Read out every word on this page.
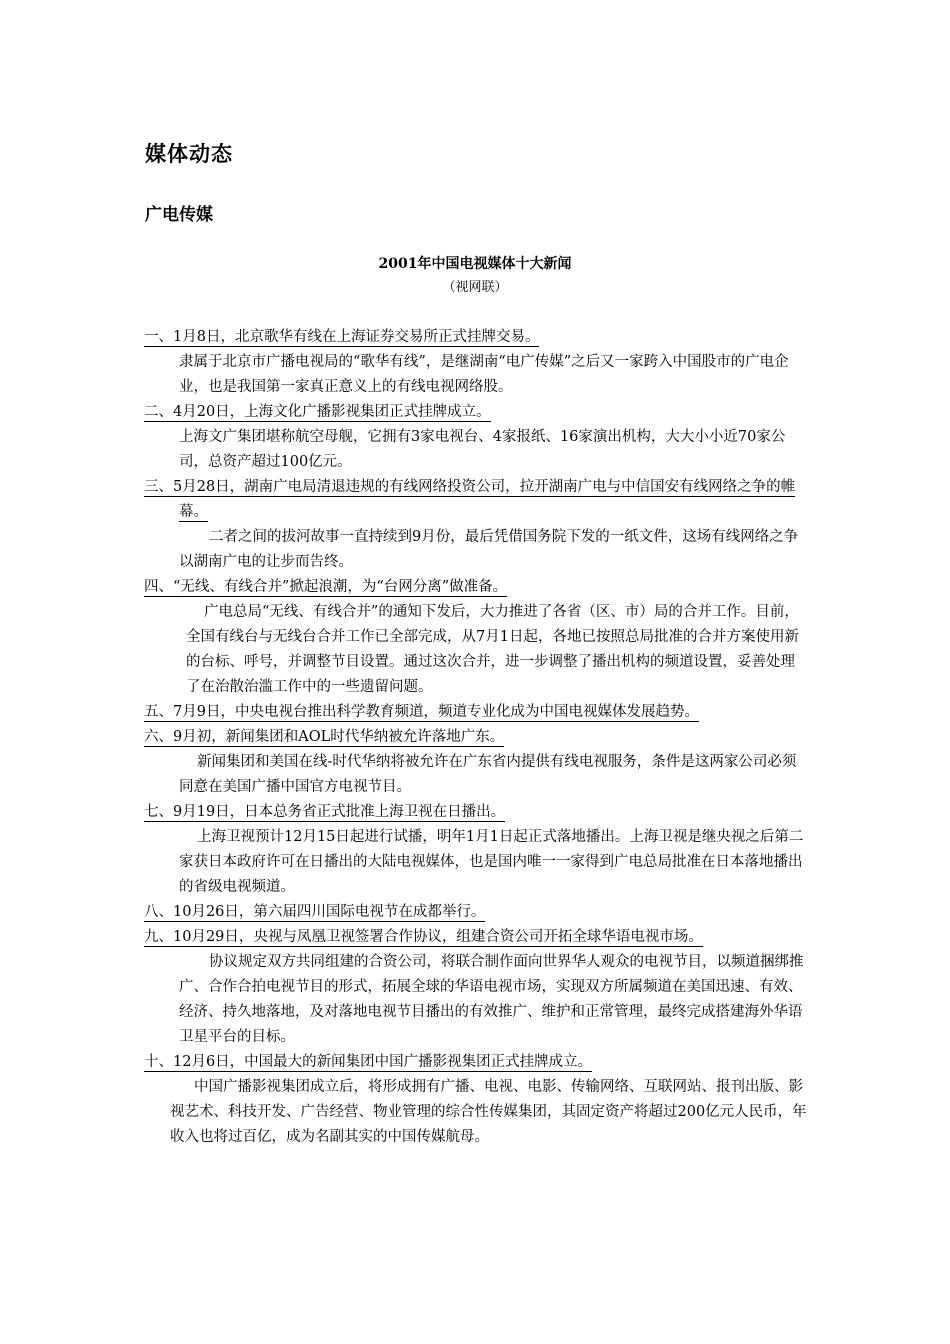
媒体动态
广电传媒
2001年中国电视媒体十大新闻
（视网联）

一、1月8日，北京歌华有线在上海证券交易所正式挂牌交易。

隶属于北京市广播电视局的“歌华有线”，是继湖南“电广传媒”之后又一家跨入中国股市的广电企业，也是我国第一家真正意义上的有线电视网络股。

二、4月20日，上海文化广播影视集团正式挂牌成立。

上海文广集团堪称航空母舰，它拥有3家电视台、4家报纸、16家演出机构，大大小小近70家公司，总资产超过100亿元。

三、5月28日，湖南广电局清退违规的有线网络投资公司，拉开湖南广电与中信国安有线网络之争的帷幕。

二者之间的拔河故事一直持续到9月份，最后凭借国务院下发的一纸文件，这场有线网络之争以湖南广电的让步而告终。

四、“无线、有线合并”掀起浪潮，为“台网分离”做准备。

广电总局“无线、有线合并”的通知下发后，大力推进了各省（区、市）局的合并工作。目前，全国有线台与无线台合并工作已全部完成，从7月1日起，各地已按照总局批准的合并方案使用新的台标、呼号，并调整节目设置。通过这次合并，进一步调整了播出机构的频道设置，妥善处理了在治散治滥工作中的一些遗留问题。

五、7月9日，中央电视台推出科学教育频道，频道专业化成为中国电视媒体发展趋势。

六、9月初，新闻集团和AOL时代华纳被允许落地广东。

新闻集团和美国在线-时代华纳将被允许在广东省内提供有线电视服务，条件是这两家公司必须同意在美国广播中国官方电视节目。

七、9月19日，日本总务省正式批准上海卫视在日播出。

上海卫视预计12月15日起进行试播，明年1月1日起正式落地播出。上海卫视是继央视之后第二家获日本政府许可在日播出的大陆电视媒体，也是国内唯一一家得到广电总局批准在日本落地播出的省级电视频道。

八、10月26日，第六届四川国际电视节在成都举行。

九、10月29日，央视与凤凰卫视签署合作协议，组建合资公司开拓全球华语电视市场。

协议规定双方共同组建的合资公司，将联合制作面向世界华人观众的电视节目，以频道捆绑推广、合作合拍电视节目的形式，拓展全球的华语电视市场，实现双方所属频道在美国迅速、有效、经济、持久地落地，及对落地电视节目播出的有效推广、维护和正常管理，最终完成搭建海外华语卫星平台的目标。

十、12月6日，中国最大的新闻集团中国广播影视集团正式挂牌成立。

中国广播影视集团成立后，将形成拥有广播、电视、电影、传输网络、互联网站、报刊出版、影视艺术、科技开发、广告经营、物业管理的综合性传媒集团，其固定资产将超过200亿元人民币，年收入也将过百亿，成为名副其实的中国传媒航母。
